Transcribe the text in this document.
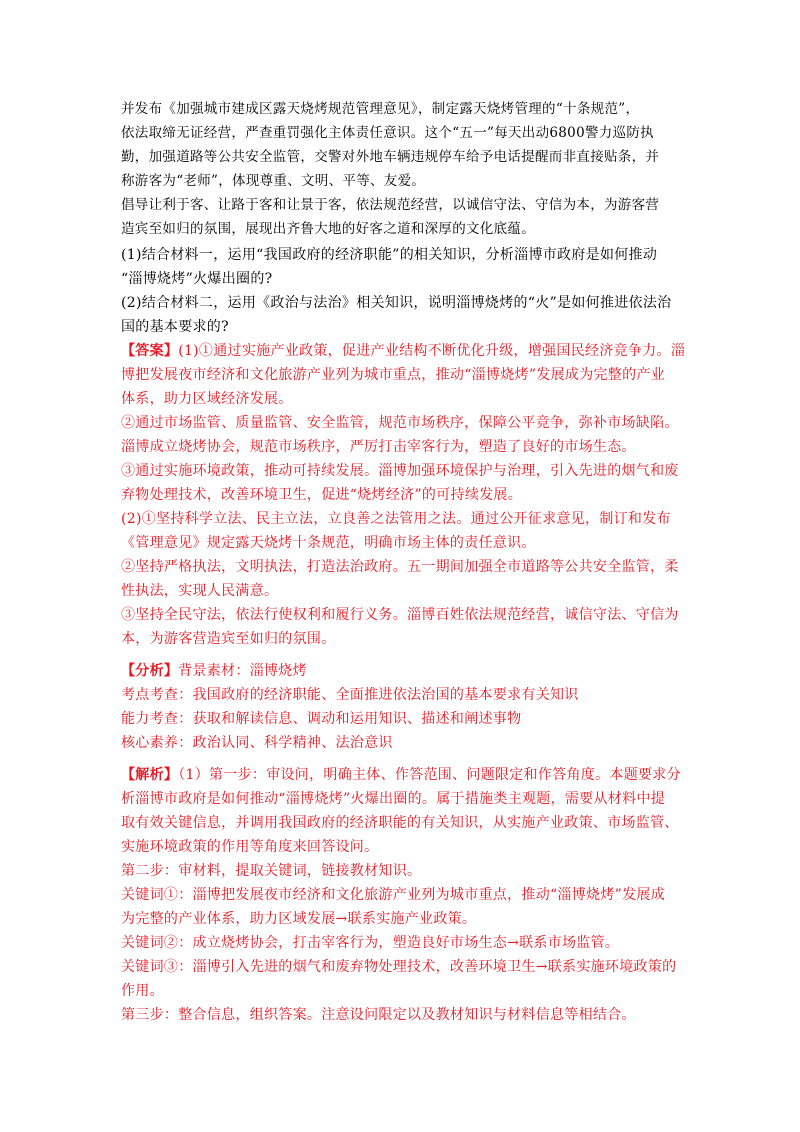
并发布《加强城市建成区露天烧烤规范管理意见》，制定露天烧烤管理的“十条规范”，
依法取缔无证经营，严查重罚强化主体责任意识。这个“五一”每天出动6800警力巡防执
勤，加强道路等公共安全监管，交警对外地车辆违规停车给予电话提醒而非直接贴条，并
称游客为“老师”，体现尊重、文明、平等、友爱。
倡导让利于客、让路于客和让景于客，依法规范经营，以诚信守法、守信为本，为游客营
造宾至如归的氛围，展现出齐鲁大地的好客之道和深厚的文化底蕴。
(1)结合材料一，运用“我国政府的经济职能”的相关知识，分析淄博市政府是如何推动
“淄博烧烤”火爆出圈的?
(2)结合材料二，运用《政治与法治》相关知识，说明淄博烧烤的“火”是如何推进依法治
国的基本要求的?
【答案】(1)①通过实施产业政策，促进产业结构不断优化升级，增强国民经济竞争力。淄
博把发展夜市经济和文化旅游产业列为城市重点，推动“淄博烧烤”发展成为完整的产业
体系，助力区域经济发展。
②通过市场监管、质量监管、安全监管，规范市场秩序，保障公平竞争，弥补市场缺陷。
淄博成立烧烤协会，规范市场秩序，严厉打击宰客行为，塑造了良好的市场生态。
③通过实施环境政策，推动可持续发展。淄博加强环境保护与治理，引入先进的烟气和废
弃物处理技术，改善环境卫生，促进“烧烤经济”的可持续发展。
(2)①坚持科学立法、民主立法，立良善之法管用之法。通过公开征求意见，制订和发布
《管理意见》规定露天烧烤十条规范，明确市场主体的责任意识。
②坚持严格执法，文明执法，打造法治政府。五一期间加强全市道路等公共安全监管，柔
性执法，实现人民满意。
③坚持全民守法，依法行使权利和履行义务。淄博百姓依法规范经营，诚信守法、守信为
本，为游客营造宾至如归的氛围。
【分析】背景素材：淄博烧烤
考点考查：我国政府的经济职能、全面推进依法治国的基本要求有关知识
能力考查：获取和解读信息、调动和运用知识、描述和阐述事物
核心素养：政治认同、科学精神、法治意识
【解析】（1）第一步：审设问，明确主体、作答范围、问题限定和作答角度。本题要求分
析淄博市政府是如何推动“淄博烧烤”火爆出圈的。属于措施类主观题，需要从材料中提
取有效关键信息，并调用我国政府的经济职能的有关知识，从实施产业政策、市场监管、
实施环境政策的作用等角度来回答设问。
第二步：审材料，提取关键词，链接教材知识。
关键词①：淄博把发展夜市经济和文化旅游产业列为城市重点，推动“淄博烧烤”发展成
为完整的产业体系，助力区域发展→联系实施产业政策。
关键词②：成立烧烤协会，打击宰客行为，塑造良好市场生态→联系市场监管。
关键词③：淄博引入先进的烟气和废弃物处理技术，改善环境卫生→联系实施环境政策的
作用。
第三步：整合信息，组织答案。注意设问限定以及教材知识与材料信息等相结合。
